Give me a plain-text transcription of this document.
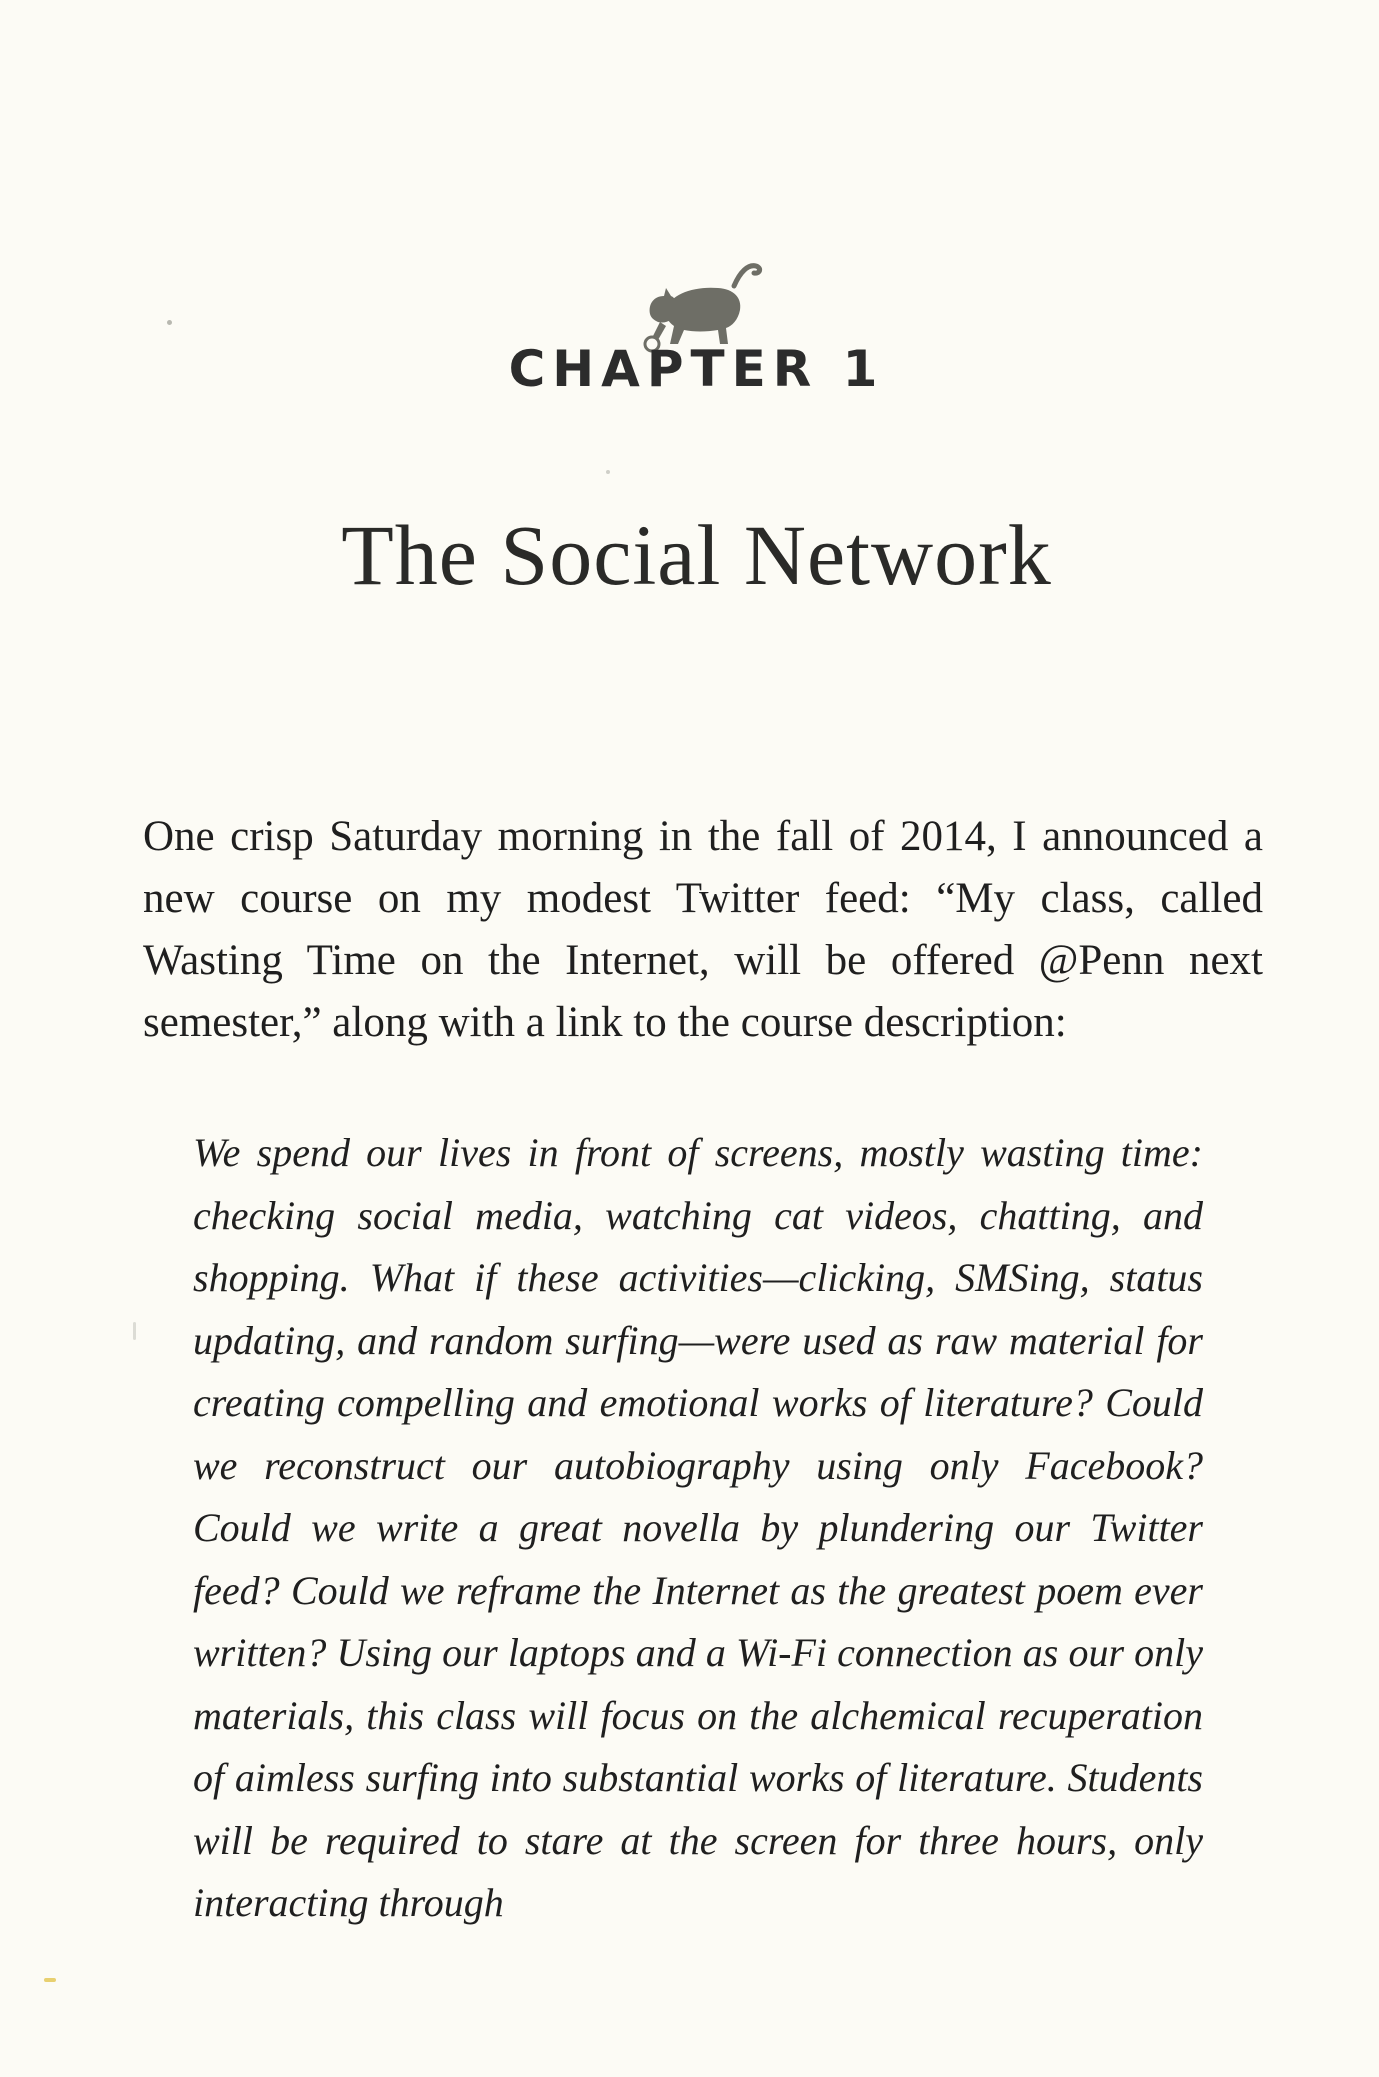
CHAPTER 1
The Social Network

One crisp Saturday morning in the fall of 2014, I announced a new course on my modest Twitter feed: “My class, called Wasting Time on the Internet, will be offered @Penn next semester,” along with a link to the course description:

We spend our lives in front of screens, mostly wasting time: checking social media, watching cat videos, chatting, and shopping. What if these activities—clicking, SMSing, status updating, and random surfing—were used as raw material for creating compelling and emotional works of literature? Could we reconstruct our autobiography using only Facebook? Could we write a great novella by plundering our Twitter feed? Could we reframe the Internet as the greatest poem ever written? Using our laptops and a Wi-Fi connection as our only materials, this class will focus on the alchemical recuperation of aimless surfing into substantial works of literature. Students will be required to stare at the screen for three hours, only interacting through
